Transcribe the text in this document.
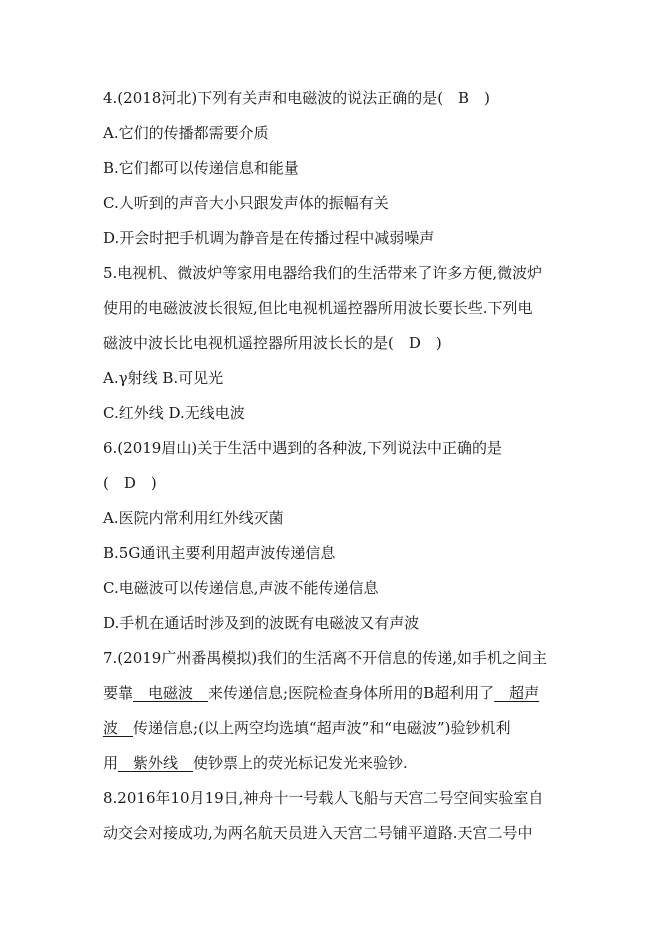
4.(2018河北)下列有关声和电磁波的说法正确的是(　B　)
A.它们的传播都需要介质
B.它们都可以传递信息和能量
C.人听到的声音大小只跟发声体的振幅有关
D.开会时把手机调为静音是在传播过程中减弱噪声
5.电视机、微波炉等家用电器给我们的生活带来了许多方便,微波炉
使用的电磁波波长很短,但比电视机遥控器所用波长要长些.下列电
磁波中波长比电视机遥控器所用波长长的是(　D　)
A.γ射线 B.可见光
C.红外线 D.无线电波
6.(2019眉山)关于生活中遇到的各种波,下列说法中正确的是
(　D　)
A.医院内常利用红外线灭菌
B.5G通讯主要利用超声波传递信息
C.电磁波可以传递信息,声波不能传递信息
D.手机在通话时涉及到的波既有电磁波又有声波
7.(2019广州番禺模拟)我们的生活离不开信息的传递,如手机之间主
要靠　电磁波　来传递信息;医院检查身体所用的B超利用了　超声
波　传递信息;(以上两空均选填“超声波”和“电磁波”)验钞机利
用　紫外线　使钞票上的荧光标记发光来验钞.
8.2016年10月19日,神舟十一号载人飞船与天宫二号空间实验室自
动交会对接成功,为两名航天员进入天宫二号铺平道路.天宫二号中
